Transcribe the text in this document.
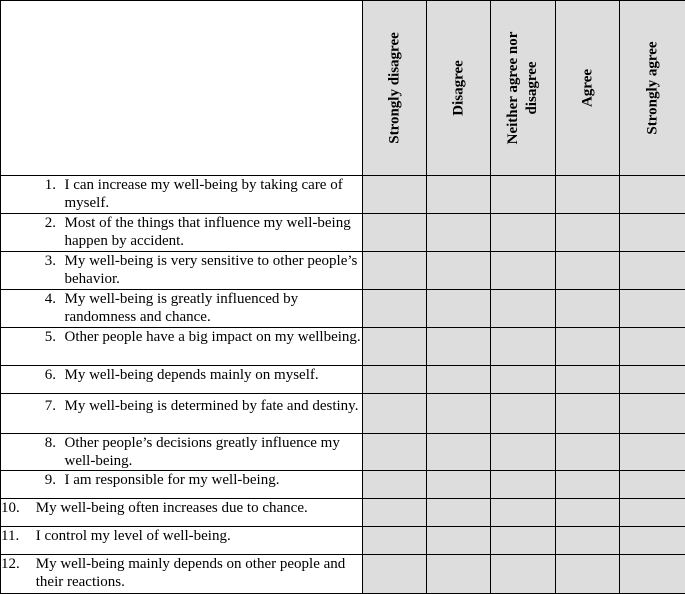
	Strongly disagree	Disagree	Neither agree nor
disagree	Agree	Strongly agree

1.
I can increase my well-being by taking care of myself.					

2.
Most of the things that influence my well-being happen by accident.					

3.
My well-being is very sensitive to other people’s behavior.					

4.
My well-being is greatly influenced by randomness and chance.					

5.
Other people have a big impact on my wellbeing.					

6.
My well-being depends mainly on myself.					

7.
My well-being is determined by fate and destiny.					

8.
Other people’s decisions greatly influence my well-being.					

9.
I am responsible for my well-being.					

10.
My well-being often increases due to chance.					

11.
I control my level of well-being.					

12.
My well-being mainly depends on other people and their reactions.					
